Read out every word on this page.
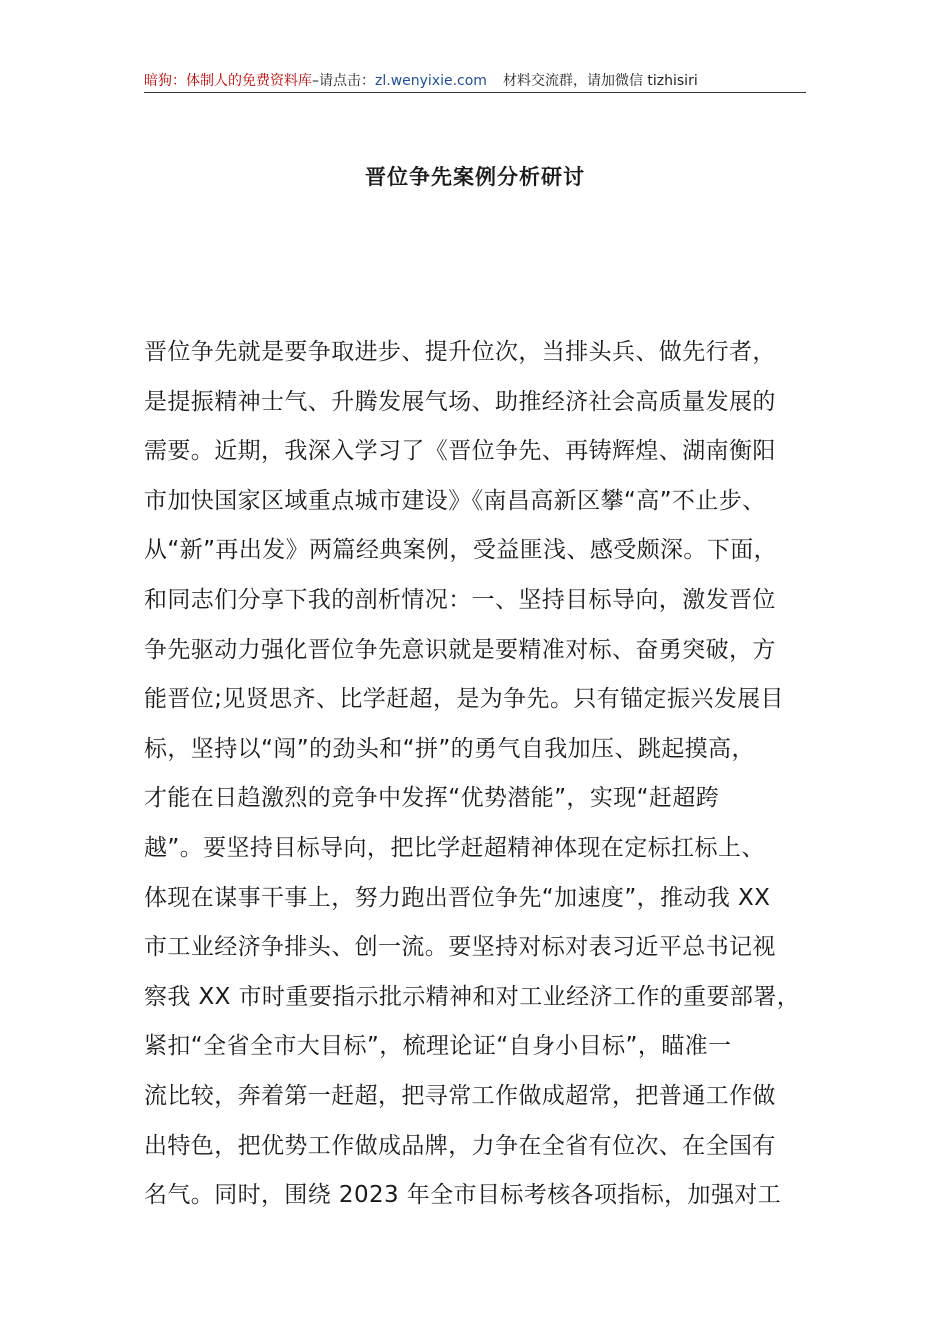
暗狗：体制人的免费资料库–请点击：zl.wenyixie.com 材料交流群，请加微信 tizhisiri
晋位争先案例分析研讨
晋位争先就是要争取进步、提升位次，当排头兵、做先行者，
是提振精神士气、升腾发展气场、助推经济社会高质量发展的
需要。近期，我深入学习了《晋位争先、再铸辉煌、湖南衡阳
市加快国家区域重点城市建设》《南昌高新区攀“高”不止步、
从“新”再出发》两篇经典案例，受益匪浅、感受颇深。下面，
和同志们分享下我的剖析情况：一、坚持目标导向，激发晋位
争先驱动力强化晋位争先意识就是要精准对标、奋勇突破，方
能晋位;见贤思齐、比学赶超，是为争先。只有锚定振兴发展目
标，坚持以“闯”的劲头和“拼”的勇气自我加压、跳起摸高，
才能在日趋激烈的竞争中发挥“优势潜能”，实现“赶超跨
越”。要坚持目标导向，把比学赶超精神体现在定标扛标上、
体现在谋事干事上，努力跑出晋位争先“加速度”，推动我 XX
市工业经济争排头、创一流。要坚持对标对表习近平总书记视
察我 XX 市时重要指示批示精神和对工业经济工作的重要部署，
紧扣“全省全市大目标”，梳理论证“自身小目标”，瞄准一
流比较，奔着第一赶超，把寻常工作做成超常，把普通工作做
出特色，把优势工作做成品牌，力争在全省有位次、在全国有
名气。同时，围绕 2023 年全市目标考核各项指标，加强对工
